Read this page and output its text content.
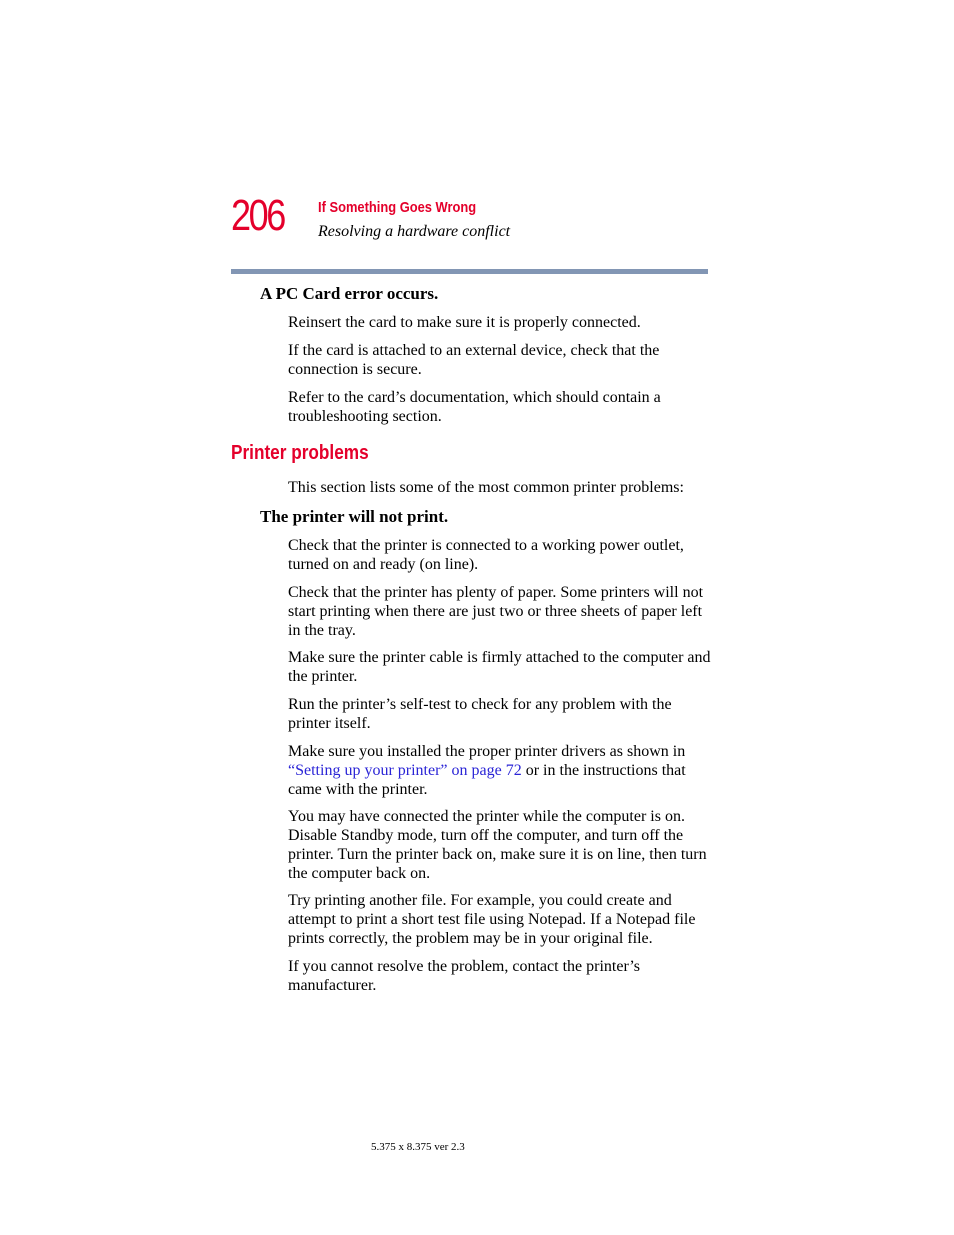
206 If Something Goes Wrong
Resolving a hardware conflict
A PC Card error occurs.
Reinsert the card to make sure it is properly connected.
If the card is attached to an external device, check that the connection is secure.
Refer to the card’s documentation, which should contain a troubleshooting section.
Printer problems
This section lists some of the most common printer problems:
The printer will not print.
Check that the printer is connected to a working power outlet, turned on and ready (on line).
Check that the printer has plenty of paper. Some printers will not start printing when there are just two or three sheets of paper left in the tray.
Make sure the printer cable is firmly attached to the computer and the printer.
Run the printer’s self-test to check for any problem with the printer itself.
Make sure you installed the proper printer drivers as shown in “Setting up your printer” on page 72 or in the instructions that came with the printer.
You may have connected the printer while the computer is on. Disable Standby mode, turn off the computer, and turn off the printer. Turn the printer back on, make sure it is on line, then turn the computer back on.
Try printing another file. For example, you could create and attempt to print a short test file using Notepad. If a Notepad file prints correctly, the problem may be in your original file.
If you cannot resolve the problem, contact the printer’s manufacturer.
5.375 x 8.375 ver 2.3
